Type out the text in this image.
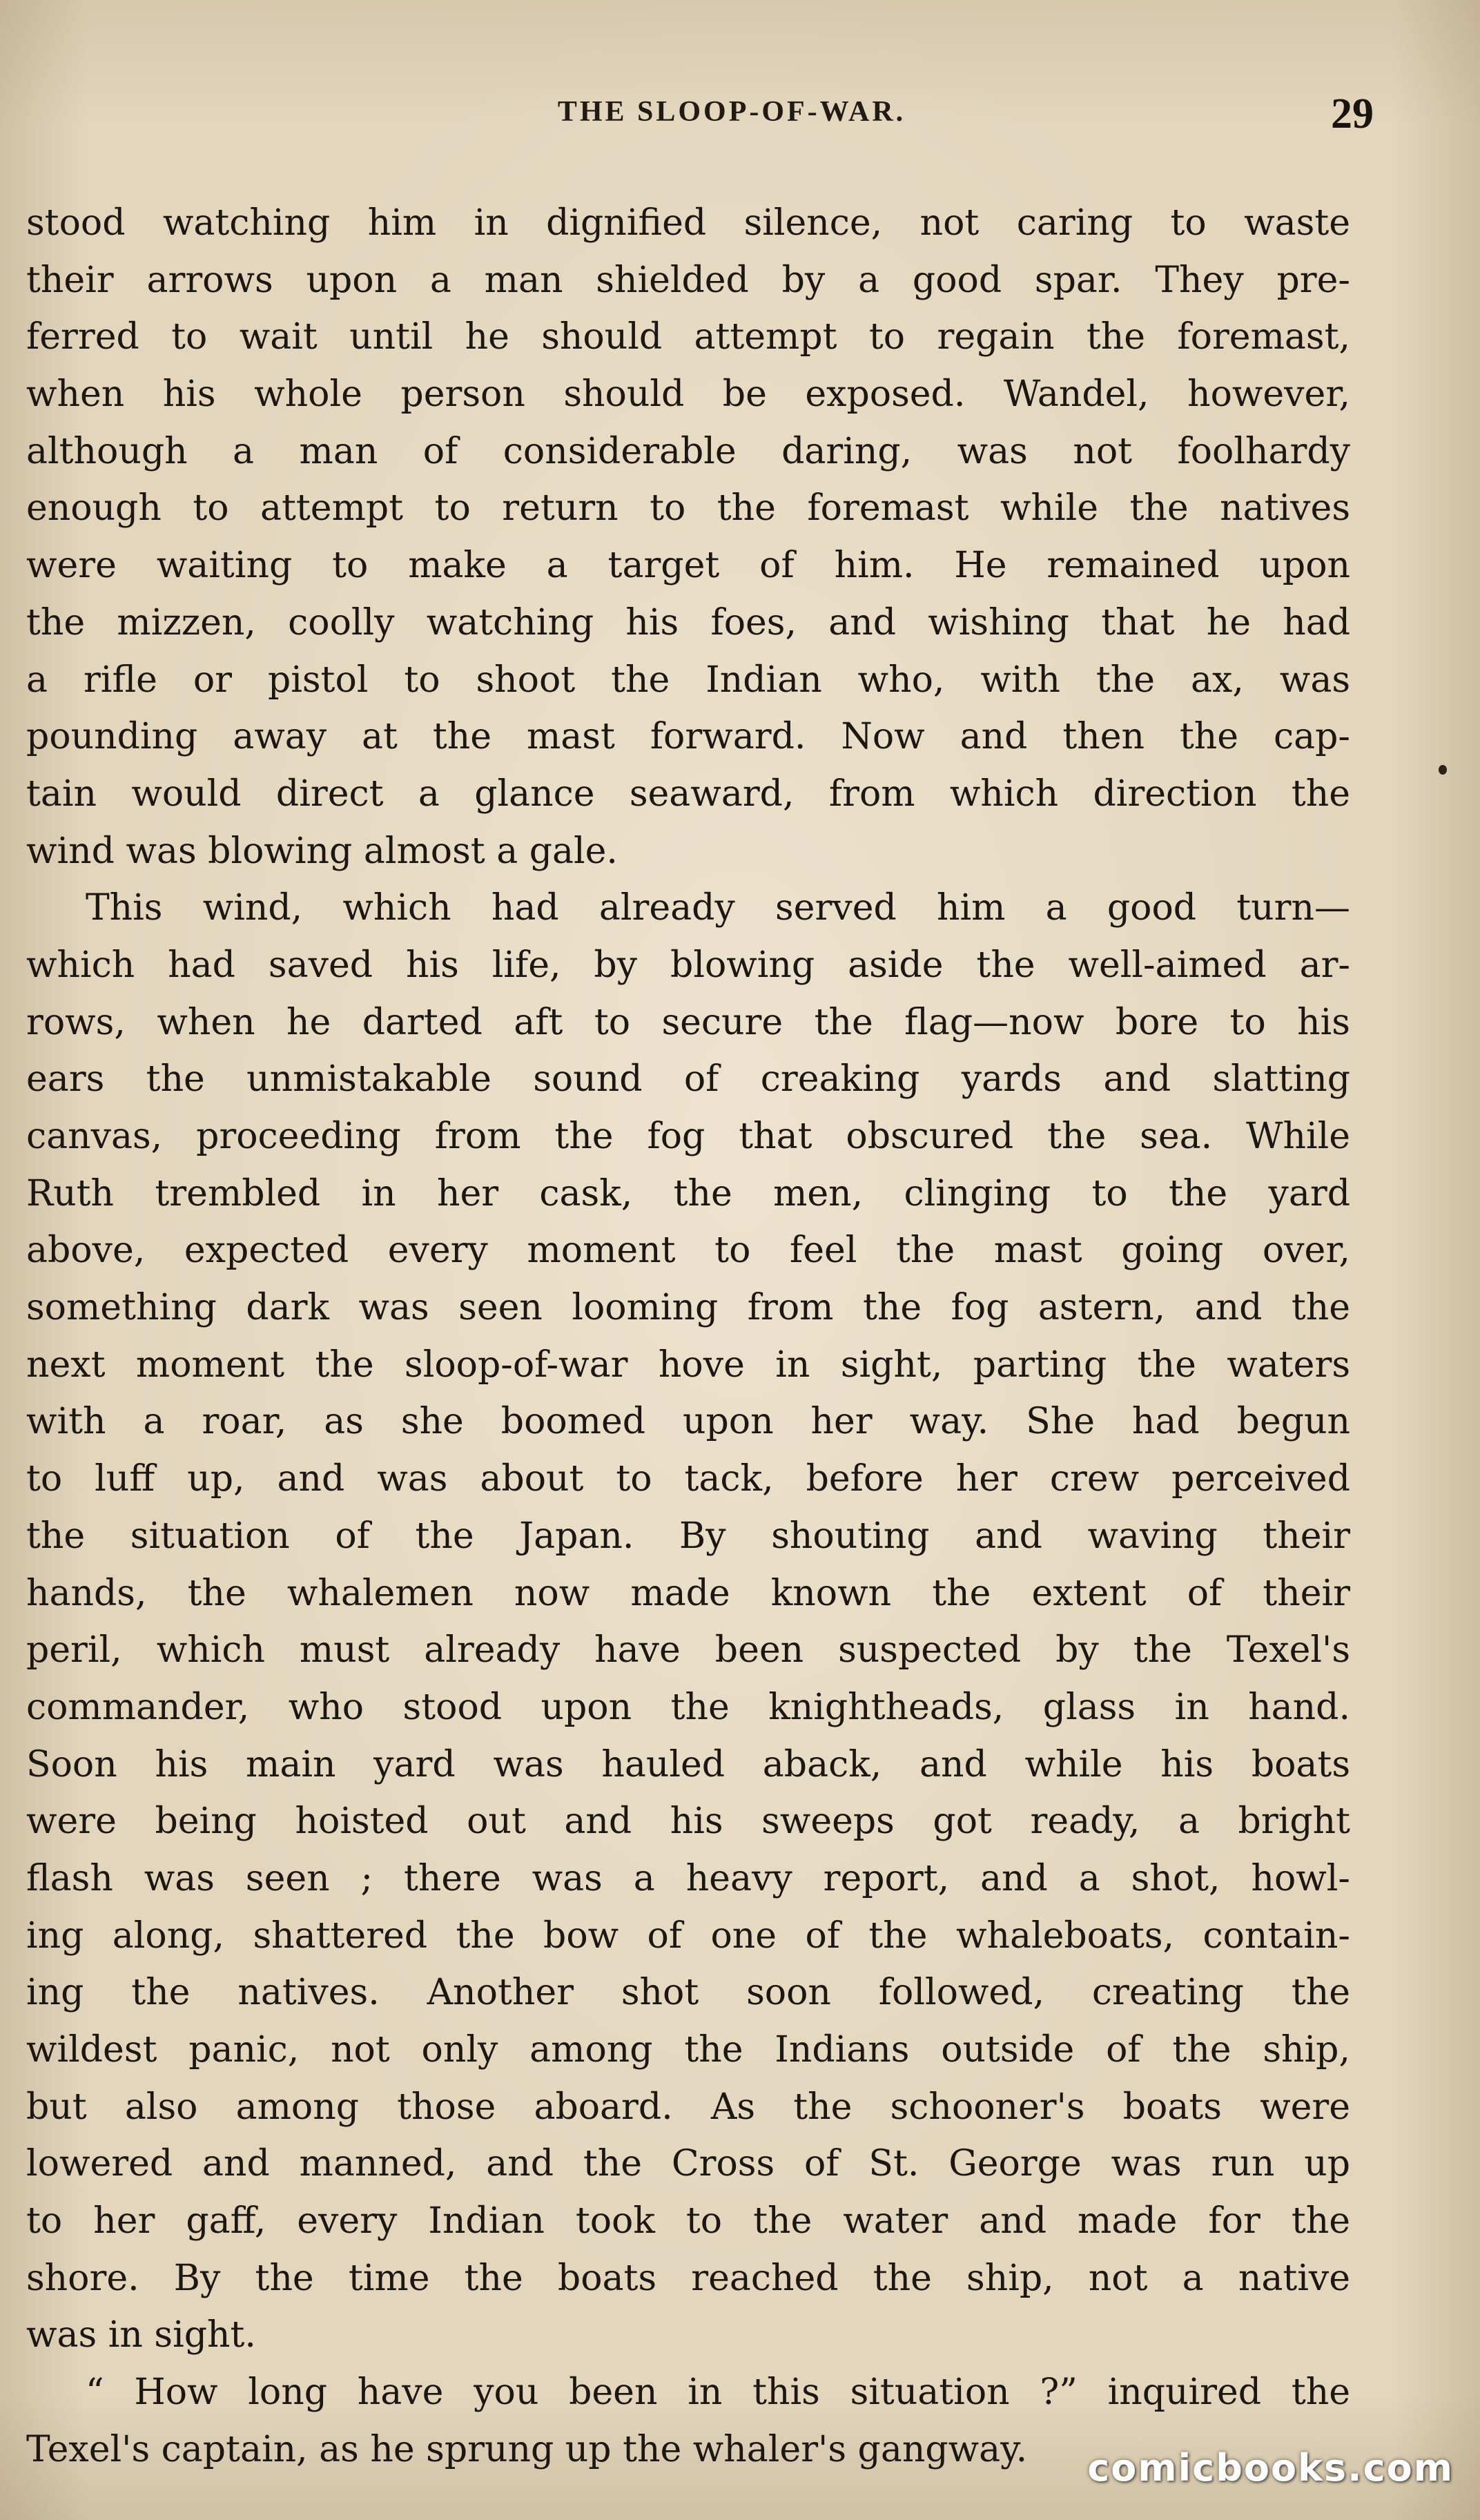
THE SLOOP-OF-WAR.	29
stood watching him in dignified silence, not caring to waste
their arrows upon a man shielded by a good spar. They pre-
ferred to wait until he should attempt to regain the foremast,
when his whole person should be exposed. Wandel, however,
although a man of considerable daring, was not foolhardy
enough to attempt to return to the foremast while the natives
were waiting to make a target of him. He remained upon
the mizzen, coolly watching his foes, and wishing that he had
a rifle or pistol to shoot the Indian who, with the ax, was
pounding away at the mast forward. Now and then the cap-
tain would direct a glance seaward, from which direction the
wind was blowing almost a gale.
This wind, which had already served him a good turn—
which had saved his life, by blowing aside the well-aimed ar-
rows, when he darted aft to secure the flag—now bore to his
ears the unmistakable sound of creaking yards and slatting
canvas, proceeding from the fog that obscured the sea. While
Ruth trembled in her cask, the men, clinging to the yard
above, expected every moment to feel the mast going over,
something dark was seen looming from the fog astern, and the
next moment the sloop-of-war hove in sight, parting the waters
with a roar, as she boomed upon her way. She had begun
to luff up, and was about to tack, before her crew perceived
the situation of the Japan. By shouting and waving their
hands, the whalemen now made known the extent of their
peril, which must already have been suspected by the Texel's
commander, who stood upon the knightheads, glass in hand.
Soon his main yard was hauled aback, and while his boats
were being hoisted out and his sweeps got ready, a bright
flash was seen ; there was a heavy report, and a shot, howl-
ing along, shattered the bow of one of the whaleboats, contain-
ing the natives. Another shot soon followed, creating the
wildest panic, not only among the Indians outside of the ship,
but also among those aboard. As the schooner's boats were
lowered and manned, and the Cross of St. George was run up
to her gaff, every Indian took to the water and made for the
shore. By the time the boats reached the ship, not a native
was in sight.
“ How long have you been in this situation ?” inquired the
Texel's captain, as he sprung up the whaler's gangway.	comicbooks.com
